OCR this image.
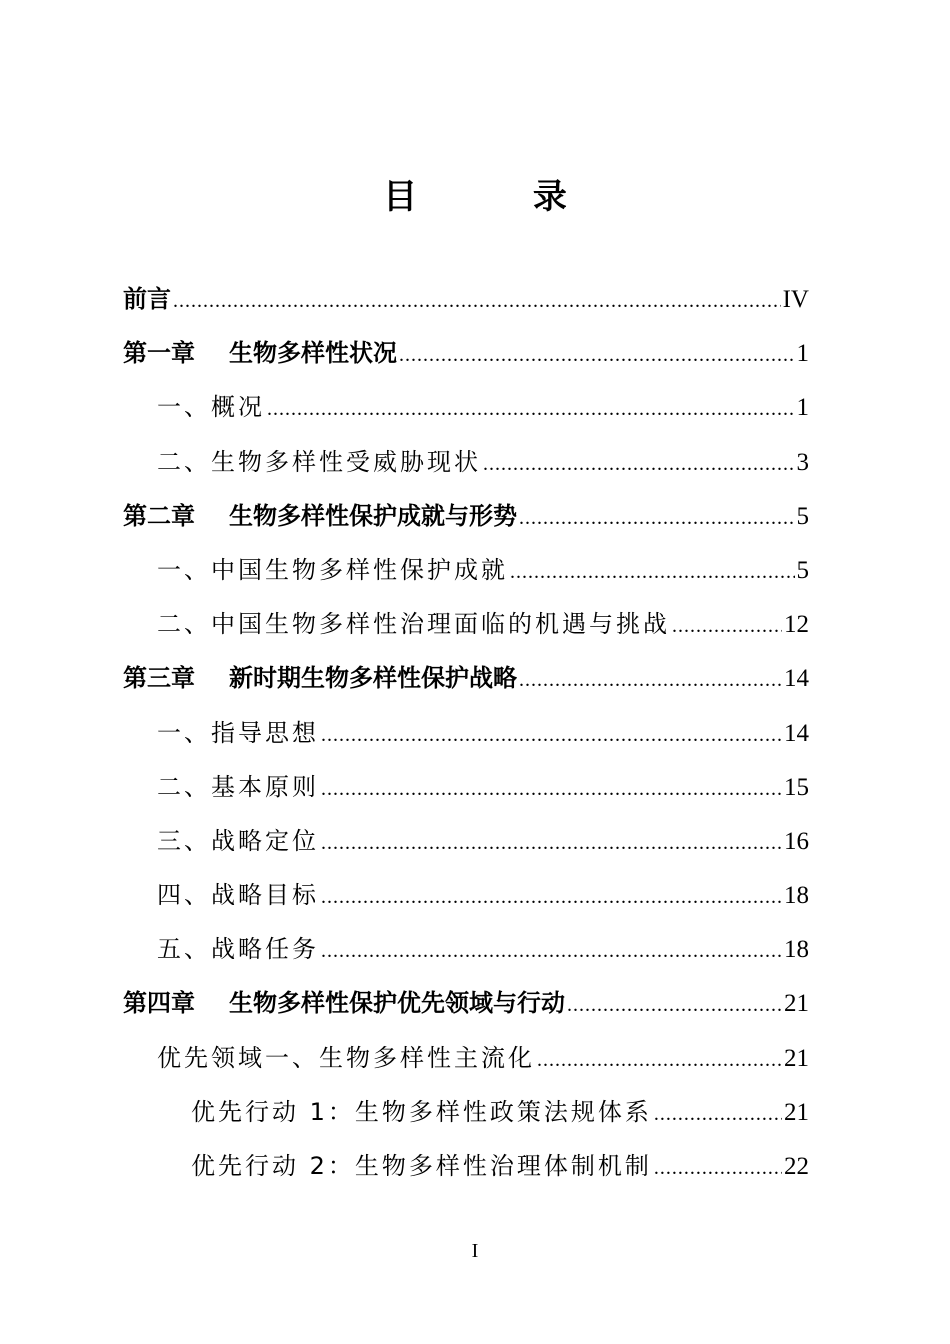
目 录
前言 .....	IV
第一章 生物多样性状况 .....	1
一、概况 .....	1
二、生物多样性受威胁现状 .....	3
第二章 生物多样性保护成就与形势 .....	5
一、中国生物多样性保护成就 .....	5
二、中国生物多样性治理面临的机遇与挑战 .....	12
第三章 新时期生物多样性保护战略 .....	14
一、指导思想 .....	14
二、基本原则 .....	15
三、战略定位 .....	16
四、战略目标 .....	18
五、战略任务 .....	18
第四章 生物多样性保护优先领域与行动 .....	21
优先领域一、生物多样性主流化 .....	21
优先行动 1：生物多样性政策法规体系 .....	21
优先行动 2：生物多样性治理体制机制 .....	22
I
